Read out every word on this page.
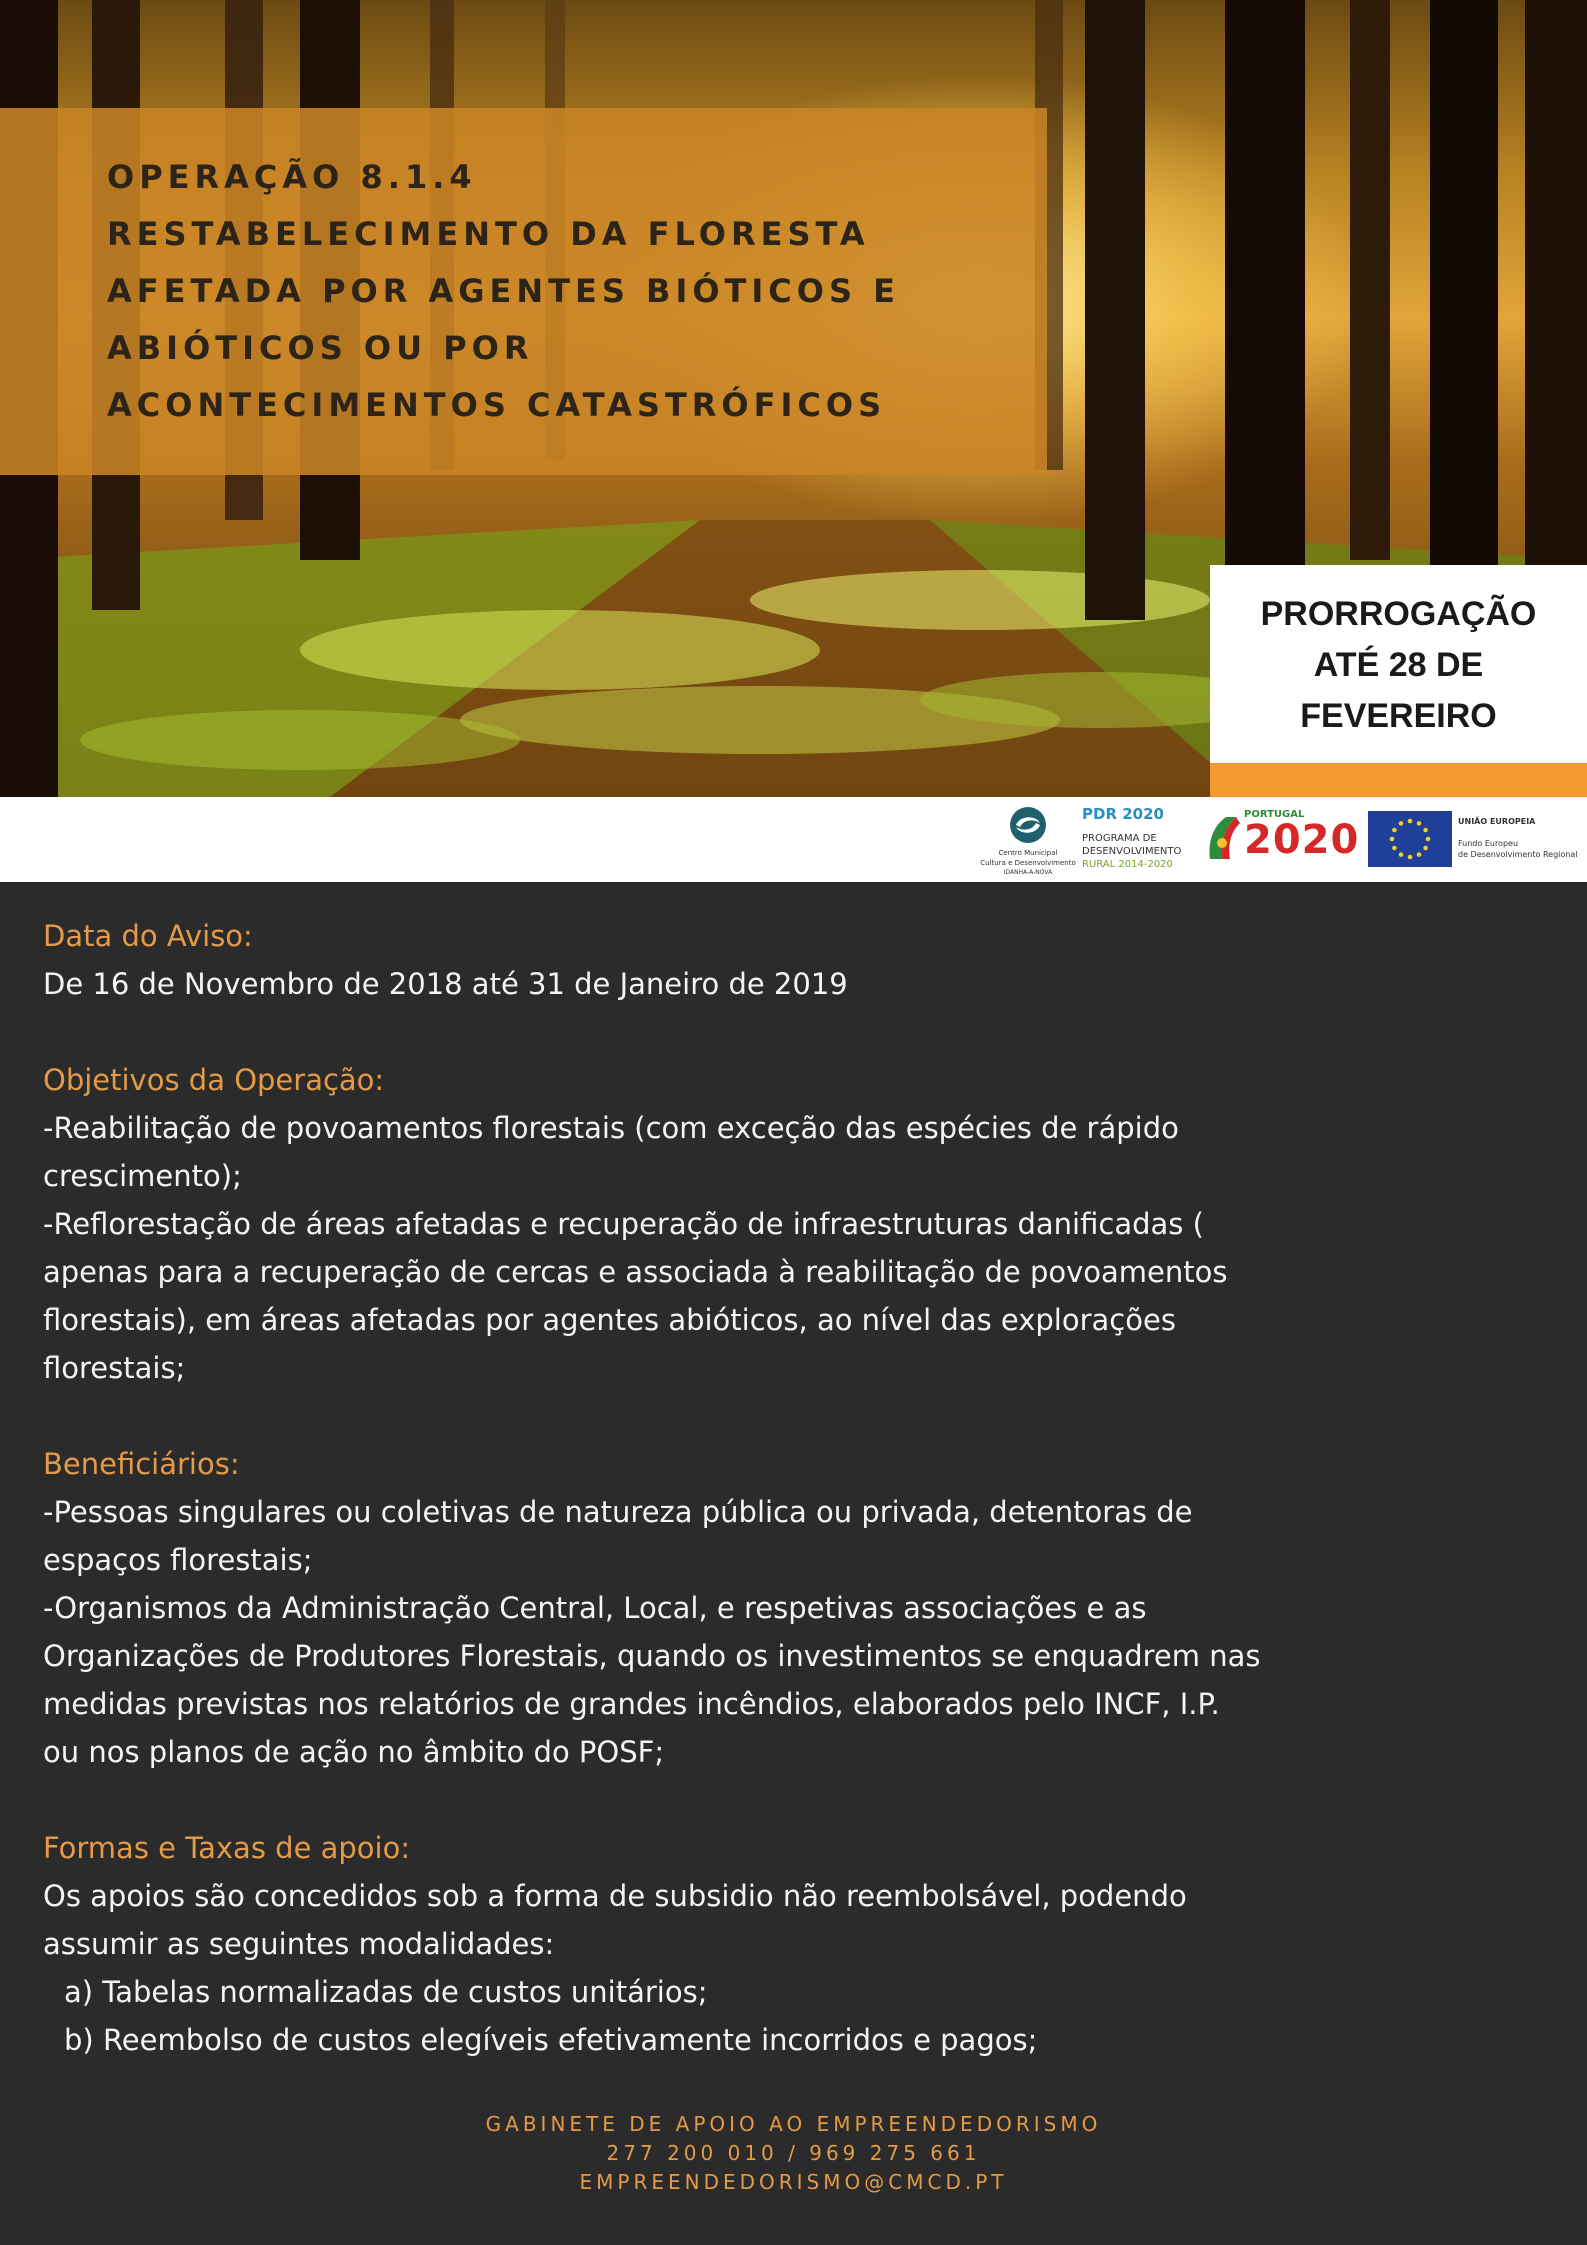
OPERAÇÃO 8.1.4

RESTABELECIMENTO DA FLORESTA

AFETADA POR AGENTES BIÓTICOS E

ABIÓTICOS OU POR

ACONTECIMENTOS CATASTRÓFICOS

PRORROGAÇÃO

ATÉ 28 DE

FEVEREIRO

Centro Municipal

Cultura e Desenvolvimento

IDANHA-A-NOVA

PDR 2020

PROGRAMA DE

DESENVOLVIMENTO

RURAL 2014-2020

PORTUGAL

2020	UNIÃO EUROPEIA

Fundo Europeu

de Desenvolvimento Regional

Data do Aviso:

De 16 de Novembro de 2018 até 31 de Janeiro de 2019

Objetivos da Operação:

-Reabilitação de povoamentos florestais (com exceção das espécies de rápido

crescimento);

-Reflorestação de áreas afetadas e recuperação de infraestruturas danificadas (

apenas para a recuperação de cercas e associada à reabilitação de povoamentos

florestais), em áreas afetadas por agentes abióticos, ao nível das explorações

florestais;

Beneficiários:

-Pessoas singulares ou coletivas de natureza pública ou privada, detentoras de

espaços florestais;

-Organismos da Administração Central, Local, e respetivas associações e as

Organizações de Produtores Florestais, quando os investimentos se enquadrem nas

medidas previstas nos relatórios de grandes incêndios, elaborados pelo INCF, I.P.

ou nos planos de ação no âmbito do POSF;

Formas e Taxas de apoio:

Os apoios são concedidos sob a forma de subsidio não reembolsável, podendo

assumir as seguintes modalidades:

a) Tabelas normalizadas de custos unitários;

b) Reembolso de custos elegíveis efetivamente incorridos e pagos;

GABINETE DE APOIO AO EMPREENDEDORISMO

277 200 010 / 969 275 661

EMPREENDEDORISMO@CMCD.PT
